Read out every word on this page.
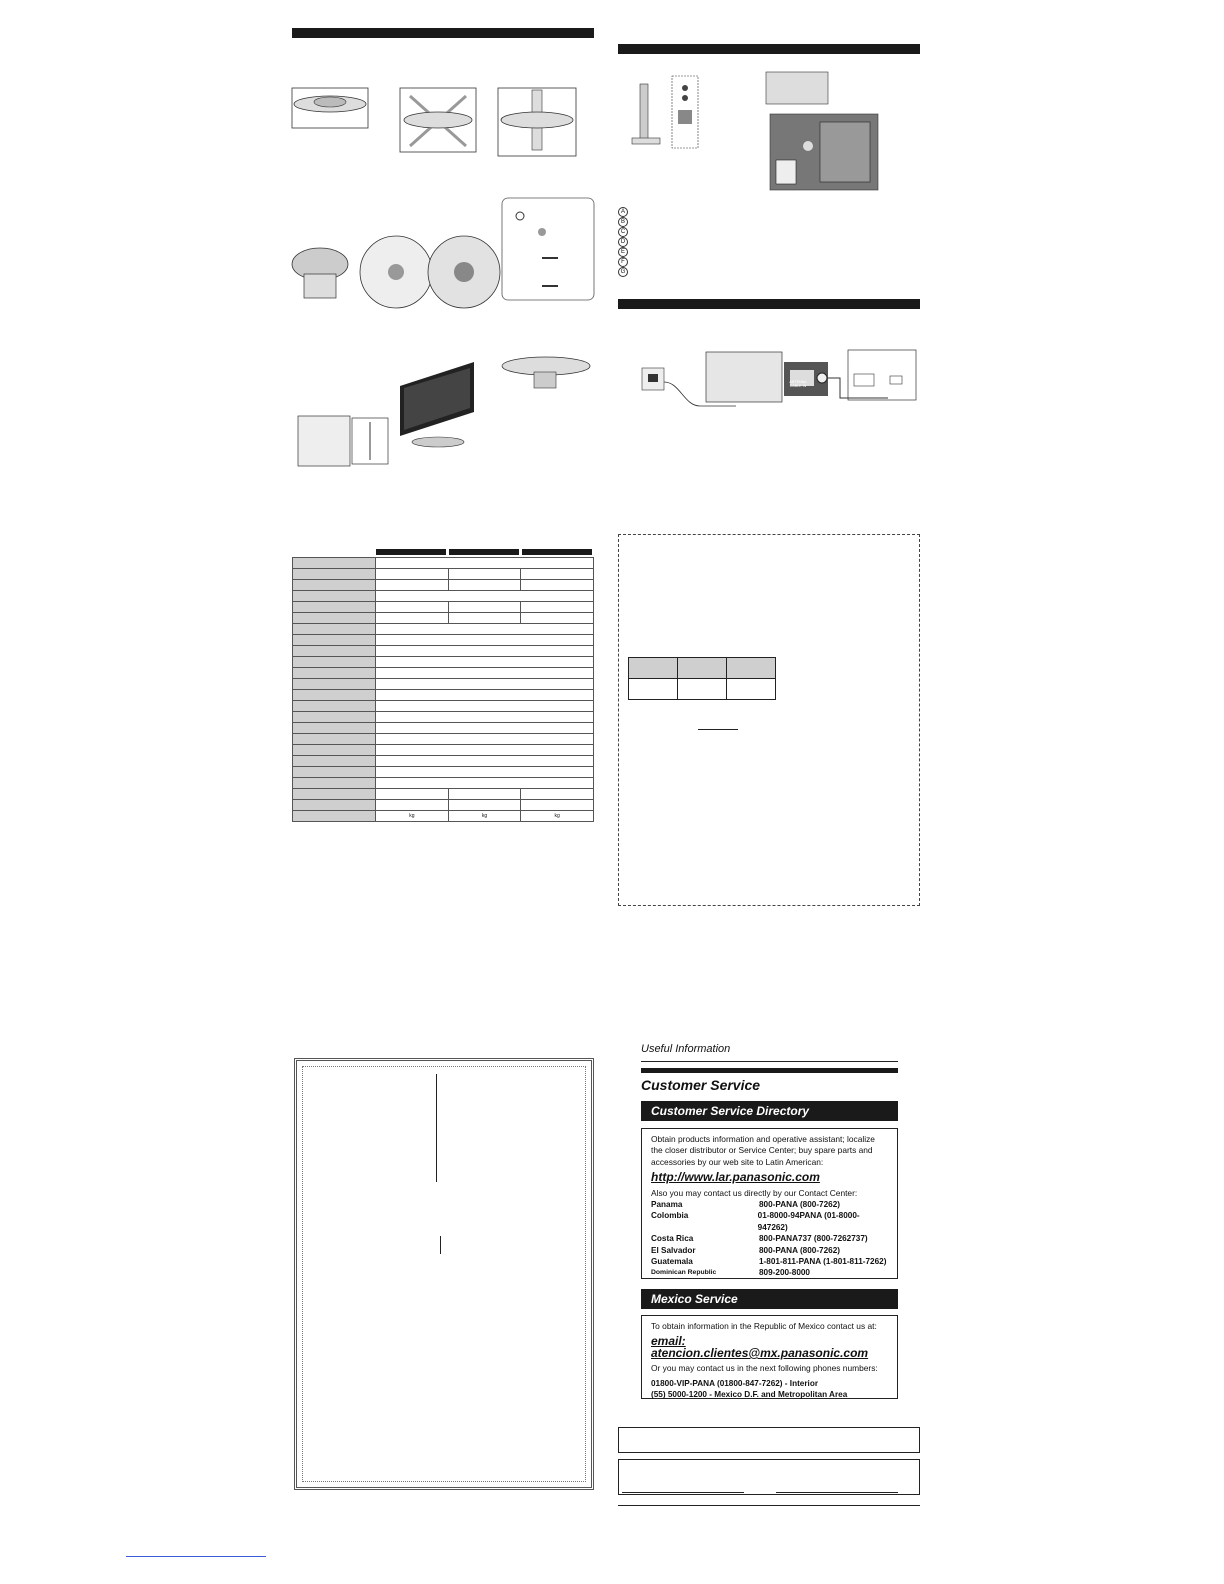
	kg	kg	kg
A
B
C
D
E
F
G
ANTENNA
CABLE IN

Useful Information
Customer Service
Customer Service Directory
Obtain products information and operative assistant; localize the closer distributor or Service Center; buy spare parts and accessories by our web site to Latin American:
http://www.lar.panasonic.com
Also you may contact us directly by our Contact Center:
Panama	800-PANA (800-7262)
Colombia	01-8000-94PANA (01-8000-947262)
Costa Rica	800-PANA737 (800-7262737)
El Salvador	800-PANA (800-7262)
Guatemala	1-801-811-PANA (1-801-811-7262)
Dominican Republic	809-200-8000
Mexico Service
To obtain information in the Republic of Mexico contact us at:
email: atencion.clientes@mx.panasonic.com
Or you may contact us in the next following phones numbers:
01800-VIP-PANA (01800-847-7262) - Interior
(55) 5000-1200 - Mexico D.F. and Metropolitan Area
